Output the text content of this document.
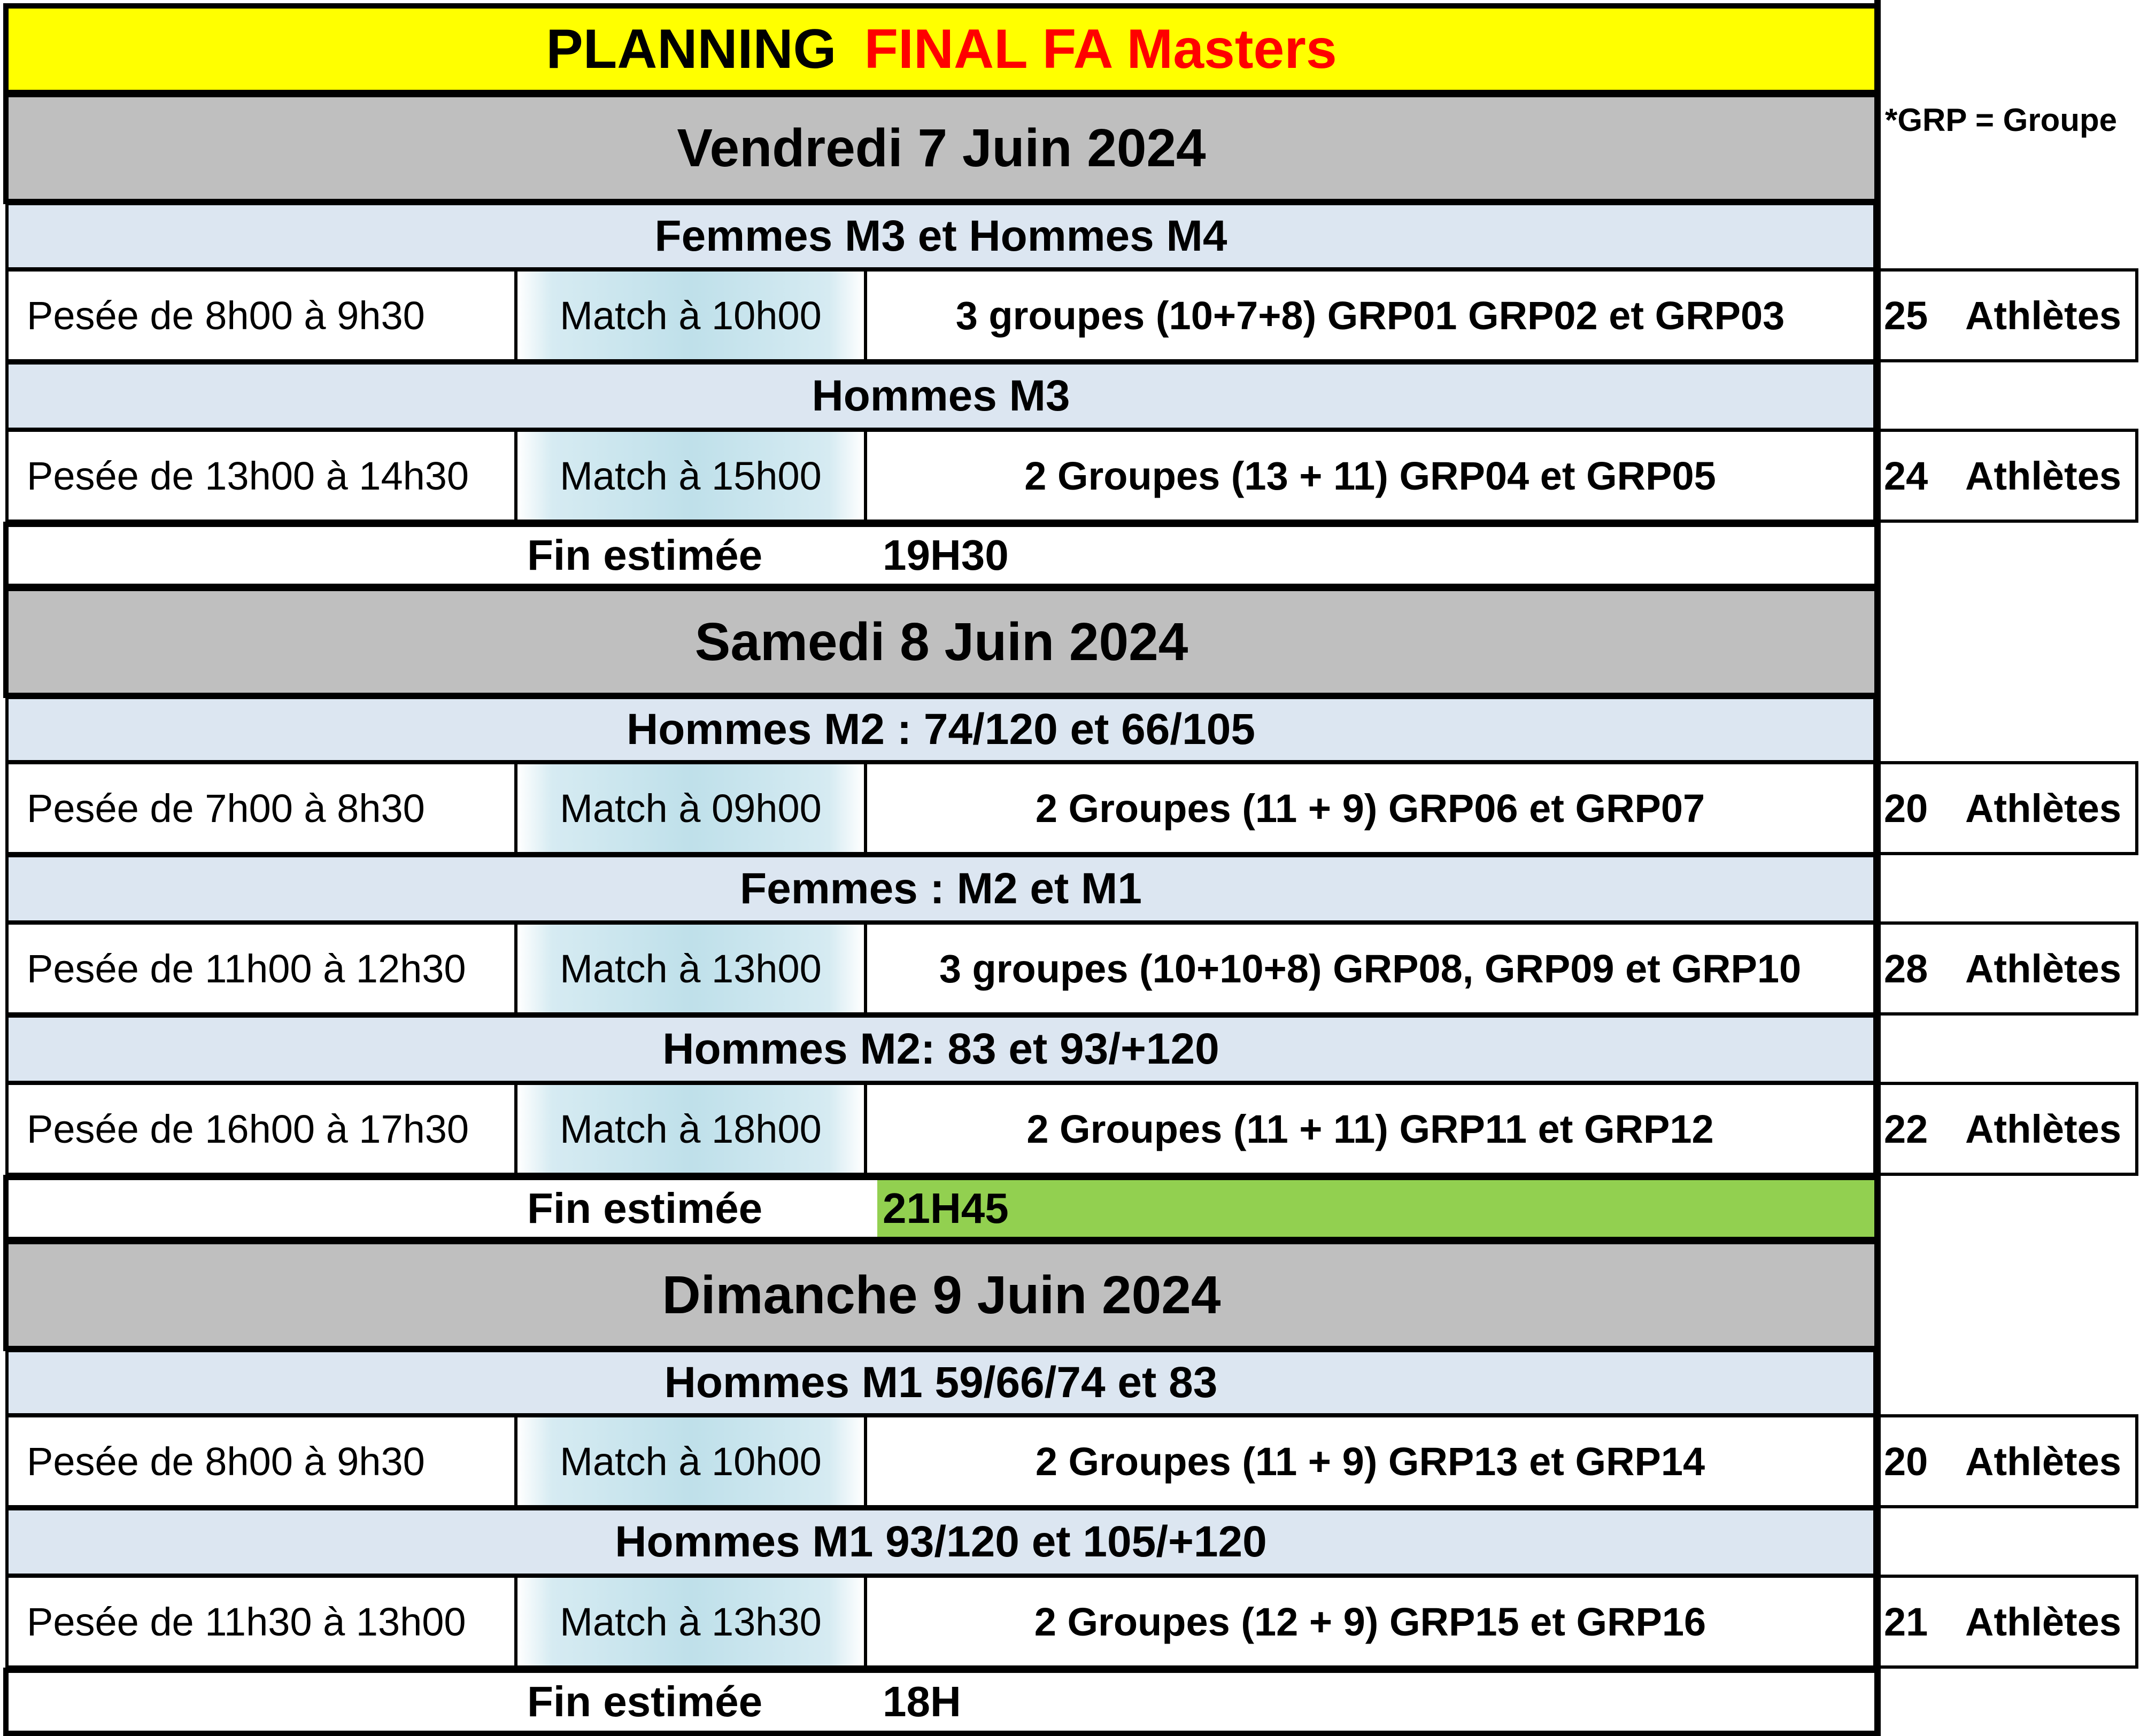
PLANNING FINAL FA Masters
*GRP = Groupe
Vendredi 7 Juin 2024
Femmes M3 et Hommes M4
Pesée de 8h00 à 9h30	Match à 10h00	3 groupes (10+7+8) GRP01 GRP02 et GRP03	25 Athlètes
Hommes M3
Pesée de 13h00 à 14h30	Match à 15h00	2 Groupes (13 + 11) GRP04 et GRP05	24 Athlètes
Fin estimée	19H30
Samedi 8 Juin 2024
Hommes M2 : 74/120 et 66/105
Pesée de 7h00 à 8h30	Match à 09h00	2 Groupes (11 + 9) GRP06 et GRP07	20 Athlètes
Femmes : M2 et M1
Pesée de 11h00 à 12h30	Match à 13h00	3 groupes (10+10+8) GRP08, GRP09 et GRP10	28 Athlètes
Hommes M2: 83 et 93/+120
Pesée de 16h00 à 17h30	Match à 18h00	2 Groupes (11 + 11) GRP11 et GRP12	22 Athlètes
Fin estimée	21H45
Dimanche 9 Juin 2024
Hommes M1 59/66/74 et 83
Pesée de 8h00 à 9h30	Match à 10h00	2 Groupes (11 + 9) GRP13 et GRP14	20 Athlètes
Hommes M1 93/120 et 105/+120
Pesée de 11h30 à 13h00	Match à 13h30	2 Groupes (12 + 9) GRP15 et GRP16	21 Athlètes
Fin estimée	18H
